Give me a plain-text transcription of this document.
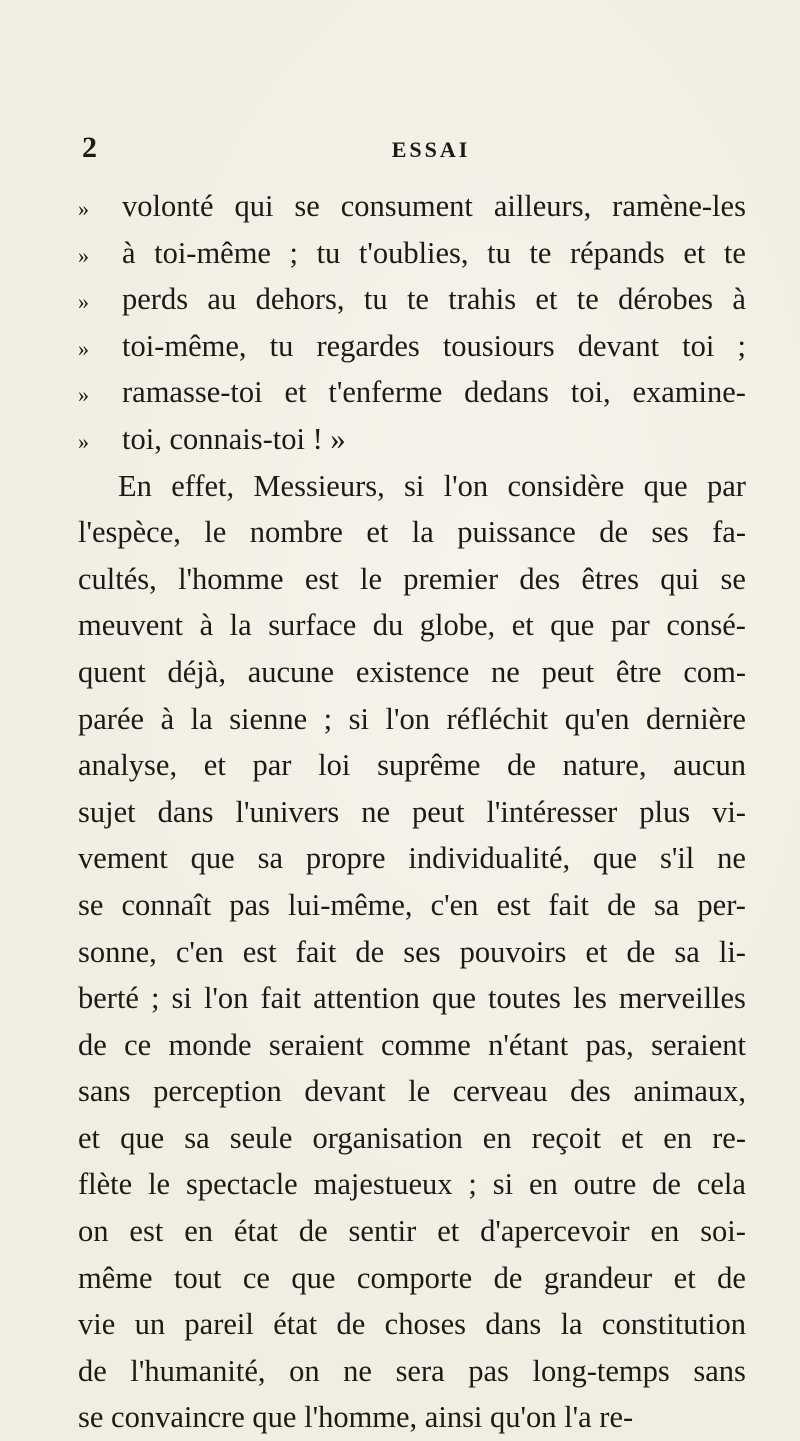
2	ESSAI
»	volonté qui se consument ailleurs, ramène-les
»	à toi-même ; tu t'oublies, tu te répands et te
»	perds au dehors, tu te trahis et te dérobes à
»	toi-même, tu regardes tousiours devant toi ;
»	ramasse-toi et t'enferme dedans toi, examine-
»	toi, connais-toi ! »
En effet, Messieurs, si l'on considère que par
l'espèce, le nombre et la puissance de ses fa-
cultés, l'homme est le premier des êtres qui se
meuvent à la surface du globe, et que par consé-
quent déjà, aucune existence ne peut être com-
parée à la sienne ; si l'on réfléchit qu'en dernière
analyse, et par loi suprême de nature, aucun
sujet dans l'univers ne peut l'intéresser plus vi-
vement que sa propre individualité, que s'il ne
se connaît pas lui-même, c'en est fait de sa per-
sonne, c'en est fait de ses pouvoirs et de sa li-
berté ; si l'on fait attention que toutes les merveilles
de ce monde seraient comme n'étant pas, seraient
sans perception devant le cerveau des animaux,
et que sa seule organisation en reçoit et en re-
flète le spectacle majestueux ; si en outre de cela
on est en état de sentir et d'apercevoir en soi-
même tout ce que comporte de grandeur et de
vie un pareil état de choses dans la constitution
de l'humanité, on ne sera pas long-temps sans
se convaincre que l'homme, ainsi qu'on l'a re-
